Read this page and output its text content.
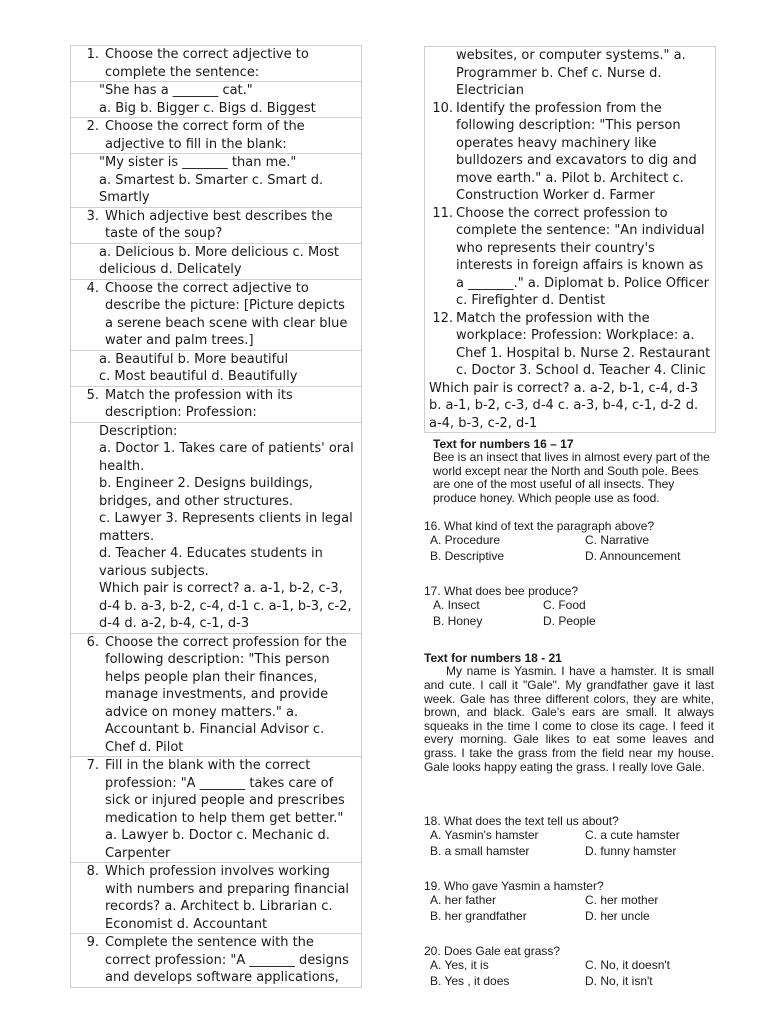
1. Choose the correct adjective to complete the sentence:

"She has a _______ cat."

a. Big b. Bigger c. Bigs d. Biggest

2. Choose the correct form of the adjective to fill in the blank:

"My sister is _______ than me."

a. Smartest b. Smarter c. Smart d. Smartly

3. Which adjective best describes the taste of the soup?

a. Delicious b. More delicious c. Most delicious d. Delicately

4. Choose the correct adjective to describe the picture: [Picture depicts a serene beach scene with clear blue water and palm trees.]

a. Beautiful b. More beautiful

c. Most beautiful d. Beautifully

5. Match the profession with its description: Profession:

Description:

a. Doctor 1. Takes care of patients' oral health.

b. Engineer 2. Designs buildings, bridges, and other structures.

c. Lawyer 3. Represents clients in legal matters.

d. Teacher 4. Educates students in various subjects.

Which pair is correct? a. a-1, b-2, c-3, d-4 b. a-3, b-2, c-4, d-1 c. a-1, b-3, c-2, d-4 d. a-2, b-4, c-1, d-3

6. Choose the correct profession for the following description: "This person helps people plan their finances, manage investments, and provide advice on money matters." a. Accountant b. Financial Advisor c. Chef d. Pilot
7. Fill in the blank with the correct profession: "A _______ takes care of sick or injured people and prescribes medication to help them get better." a. Lawyer b. Doctor c. Mechanic d. Carpenter
8. Which profession involves working with numbers and preparing financial records? a. Architect b. Librarian c. Economist d. Accountant
9. Complete the sentence with the correct profession: "A _______ designs and develops software applications,
websites, or computer systems." a. Programmer b. Chef c. Nurse d. Electrician
10. Identify the profession from the following description: "This person operates heavy machinery like bulldozers and excavators to dig and move earth." a. Pilot b. Architect c. Construction Worker d. Farmer
11. Choose the correct profession to complete the sentence: "An individual who represents their country's interests in foreign affairs is known as a _______." a. Diplomat b. Police Officer c. Firefighter d. Dentist
12. Match the profession with the workplace: Profession: Workplace: a. Chef 1. Hospital b. Nurse 2. Restaurant c. Doctor 3. School d. Teacher 4. Clinic
Which pair is correct? a. a-2, b-1, c-4, d-3 b. a-1, b-2, c-3, d-4 c. a-3, b-4, c-1, d-2 d. a-4, b-3, c-2, d-1

Text for numbers 16 – 17

Bee is an insect that lives in almost every part of the world except near the North and South pole. Bees are one of the most useful of all insects. They produce honey. Which people use as food.

16. What kind of text the paragraph above?

A. Procedure	C. Narrative
B. Descriptive	D. Announcement

17. What does bee produce?

A. Insect	C. Food
B. Honey	D. People

Text for numbers 18 - 21

My name is Yasmin. I have a hamster. It is small and cute. I call it "Gale". My grandfather gave it last week. Gale has three different colors, they are white, brown, and black. Gale's ears are small. It always squeaks in the time I come to close its cage. I feed it every morning. Gale likes to eat some leaves and grass. I take the grass from the field near my house. Gale looks happy eating the grass. I really love Gale.

18. What does the text tell us about?

A. Yasmin's hamster	C. a cute hamster
B. a small hamster	D. funny hamster

19. Who gave Yasmin a hamster?

A. her father	C. her mother
B. her grandfather	D. her uncle

20. Does Gale eat grass?

A. Yes, it is	C. No, it doesn't
B. Yes , it does	D. No, it isn't
